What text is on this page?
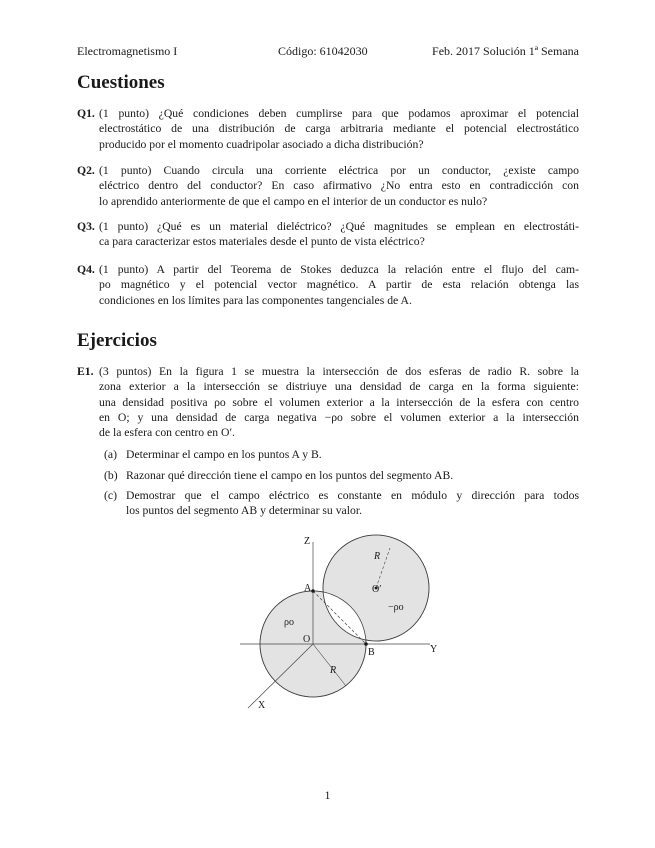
Electromagnetismo I	Código: 61042030	Feb. 2017 Solución 1ª Semana
Cuestiones
Q1. (1 punto) ¿Qué condiciones deben cumplirse para que podamos aproximar el potencial
electrostático de una distribución de carga arbitraria mediante el potencial electrostático
producido por el momento cuadripolar asociado a dicha distribución?
Q2. (1 punto) Cuando circula una corriente eléctrica por un conductor, ¿existe campo
eléctrico dentro del conductor? En caso afirmativo ¿No entra esto en contradicción con
lo aprendido anteriormente de que el campo en el interior de un conductor es nulo?
Q3. (1 punto) ¿Qué es un material dieléctrico? ¿Qué magnitudes se emplean en electrostáti-
ca para caracterizar estos materiales desde el punto de vista eléctrico?
Q4. (1 punto) A partir del Teorema de Stokes deduzca la relación entre el flujo del cam-
po magnético y el potencial vector magnético. A partir de esta relación obtenga las
condiciones en los límites para las componentes tangenciales de A.
Ejercicios
E1. (3 puntos) En la figura 1 se muestra la intersección de dos esferas de radio R. sobre la
zona exterior a la intersección se distriuye una densidad de carga en la forma siguiente:
una densidad positiva ρo sobre el volumen exterior a la intersección de la esfera con centro
en O; y una densidad de carga negativa −ρo sobre el volumen exterior a la intersección
de la esfera con centro en O′.
(a) Determinar el campo en los puntos A y B.
(b) Razonar qué dirección tiene el campo en los puntos del segmento AB.
(c) Demostrar que el campo eléctrico es constante en módulo y dirección para todos
los puntos del segmento AB y determinar su valor.
Z
Y
X
A
B
O
O′
R
R
ρo
−ρo
1
